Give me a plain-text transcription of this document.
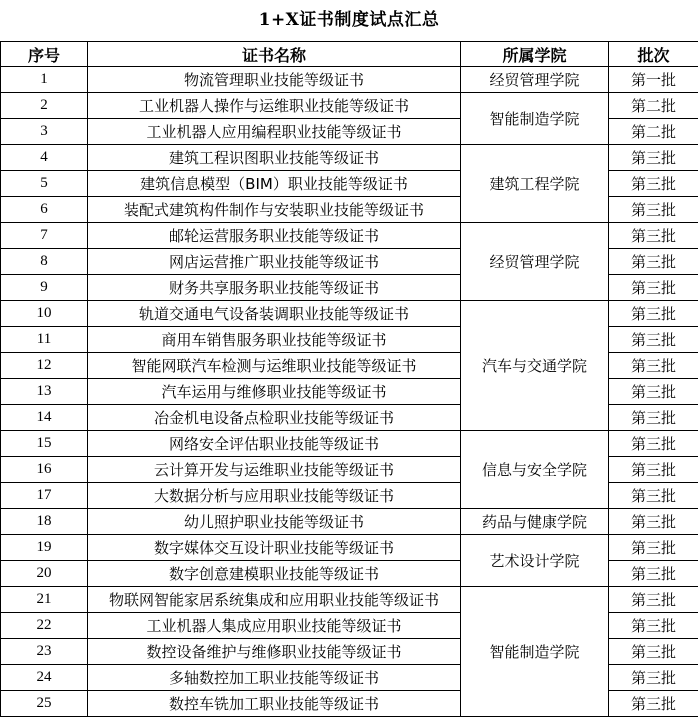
1+X证书制度试点汇总
序号	证书名称	所属学院	批次
1	物流管理职业技能等级证书	经贸管理学院	第一批
2	工业机器人操作与运维职业技能等级证书	智能制造学院	第二批
3	工业机器人应用编程职业技能等级证书		第二批
4	建筑工程识图职业技能等级证书	建筑工程学院	第三批
5	建筑信息模型（BIM）职业技能等级证书		第三批
6	装配式建筑构件制作与安装职业技能等级证书		第三批
7	邮轮运营服务职业技能等级证书	经贸管理学院	第三批
8	网店运营推广职业技能等级证书		第三批
9	财务共享服务职业技能等级证书		第三批
10	轨道交通电气设备装调职业技能等级证书	汽车与交通学院	第三批
11	商用车销售服务职业技能等级证书		第三批
12	智能网联汽车检测与运维职业技能等级证书		第三批
13	汽车运用与维修职业技能等级证书		第三批
14	冶金机电设备点检职业技能等级证书		第三批
15	网络安全评估职业技能等级证书	信息与安全学院	第三批
16	云计算开发与运维职业技能等级证书		第三批
17	大数据分析与应用职业技能等级证书		第三批
18	幼儿照护职业技能等级证书	药品与健康学院	第三批
19	数字媒体交互设计职业技能等级证书	艺术设计学院	第三批
20	数字创意建模职业技能等级证书		第三批
21	物联网智能家居系统集成和应用职业技能等级证书	智能制造学院	第三批
22	工业机器人集成应用职业技能等级证书		第三批
23	数控设备维护与维修职业技能等级证书		第三批
24	多轴数控加工职业技能等级证书		第三批
25	数控车铣加工职业技能等级证书		第三批
